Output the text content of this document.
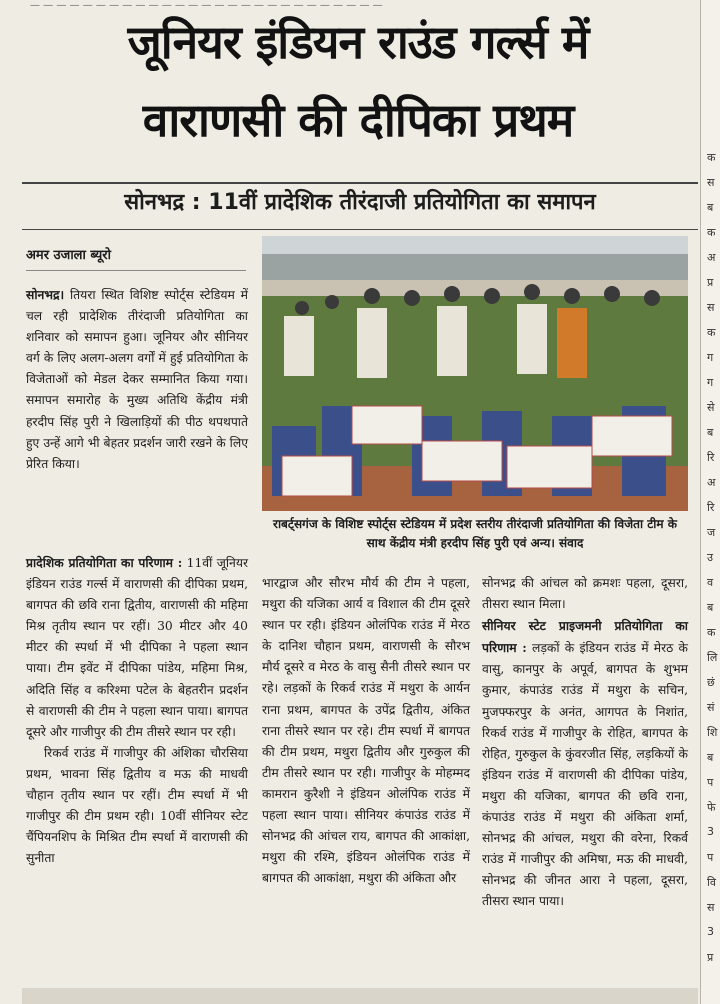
— — — — — — — — — — — — — — — — — — — — — — — — — — —
जूनियर इंडियन राउंड गर्ल्स में
वाराणसी की दीपिका प्रथम
सोनभद्र : 11वीं प्रादेशिक तीरंदाजी प्रतियोगिता का समापन
अमर उजाला ब्यूरो

सोनभद्र। तियरा स्थित विशिष्ट स्पोर्ट्स स्टेडियम में चल रही प्रादेशिक तीरंदाजी प्रतियोगिता का शनिवार को समापन हुआ। जूनियर और सीनियर वर्ग के लिए अलग-अलग वर्गों में हुई प्रतियोगिता के विजेताओं को मेडल देकर सम्मानित किया गया। समापन समारोह के मुख्य अतिथि केंद्रीय मंत्री हरदीप सिंह पुरी ने खिलाड़ियों की पीठ थपथपाते हुए उन्हें आगे भी बेहतर प्रदर्शन जारी रखने के लिए प्रेरित किया।

राबर्ट्सगंज के विशिष्ट स्पोर्ट्स स्टेडियम में प्रदेश स्तरीय तीरंदाजी प्रतियोगिता की विजेता टीम के साथ केंद्रीय मंत्री हरदीप सिंह पुरी एवं अन्य। संवाद

प्रादेशिक प्रतियोगिता का परिणाम : 11वीं जूनियर इंडियन राउंड गर्ल्स में वाराणसी की दीपिका प्रथम, बागपत की छवि राना द्वितीय, वाराणसी की महिमा मिश्र तृतीय स्थान पर रहीं। 30 मीटर और 40 मीटर की स्पर्धा में भी दीपिका ने पहला स्थान पाया। टीम इवेंट में दीपिका पांडेय, महिमा मिश्र, अदिति सिंह व करिश्मा पटेल के बेहतरीन प्रदर्शन से वाराणसी की टीम ने पहला स्थान पाया। बागपत दूसरे और गाजीपुर की टीम तीसरे स्थान पर रही।

रिकर्व राउंड में गाजीपुर की अंशिका चौरसिया प्रथम, भावना सिंह द्वितीय व मऊ की माधवी चौहान तृतीय स्थान पर रहीं। टीम स्पर्धा में भी गाजीपुर की टीम प्रथम रही। 10वीं सीनियर स्टेट चैंपियनशिप के मिश्रित टीम स्पर्धा में वाराणसी की सुनीता

भारद्वाज और सौरभ मौर्य की टीम ने पहला, मथुरा की यजिका आर्य व विशाल की टीम दूसरे स्थान पर रही। इंडियन ओलंपिक राउंड में मेरठ के दानिश चौहान प्रथम, वाराणसी के सौरभ मौर्य दूसरे व मेरठ के वासु सैनी तीसरे स्थान पर रहे। लड़कों के रिकर्व राउंड में मथुरा के आर्यन राना प्रथम, बागपत के उपेंद्र द्वितीय, अंकित राना तीसरे स्थान पर रहे। टीम स्पर्धा में बागपत की टीम प्रथम, मथुरा द्वितीय और गुरुकुल की टीम तीसरे स्थान पर रही। गाजीपुर के मोहम्मद कामरान कुरैशी ने इंडियन ओलंपिक राउंड में पहला स्थान पाया। सीनियर कंपाउंड राउंड में सोनभद्र की आंचल राय, बागपत की आकांक्षा, मथुरा की रश्मि, इंडियन ओलंपिक राउंड में बागपत की आकांक्षा, मथुरा की अंकिता और

सोनभद्र की आंचल को क्रमशः पहला, दूसरा, तीसरा स्थान मिला।

सीनियर स्टेट प्राइजमनी प्रतियोगिता का परिणाम : लड़कों के इंडियन राउंड में मेरठ के वासु, कानपुर के अपूर्व, बागपत के शुभम कुमार, कंपाउंड राउंड में मथुरा के सचिन, मुजफ्फरपुर के अनंत, आगपत के निशांत, रिकर्व राउंड में गाजीपुर के रोहित, बागपत के रोहित, गुरुकुल के कुंवरजीत सिंह, लड़कियों के इंडियन राउंड में वाराणसी की दीपिका पांडेय, मथुरा की यजिका, बागपत की छवि राना, कंपाउंड राउंड में मथुरा की अंकिता शर्मा, सोनभद्र की आंचल, मथुरा की वरेना, रिकर्व राउंड में गाजीपुर की अमिषा, मऊ की माधवी, सोनभद्र की जीनत आरा ने पहला, दूसरा, तीसरा स्थान पाया।

क
स
ब
क
अ
प्र
स
क
ग
ग
से
ब
रि
अ
रि
ज
उ
व
ब
क
लि
छं
सं
शि
ब
प
फे
3
प
वि
स
3
प्र
